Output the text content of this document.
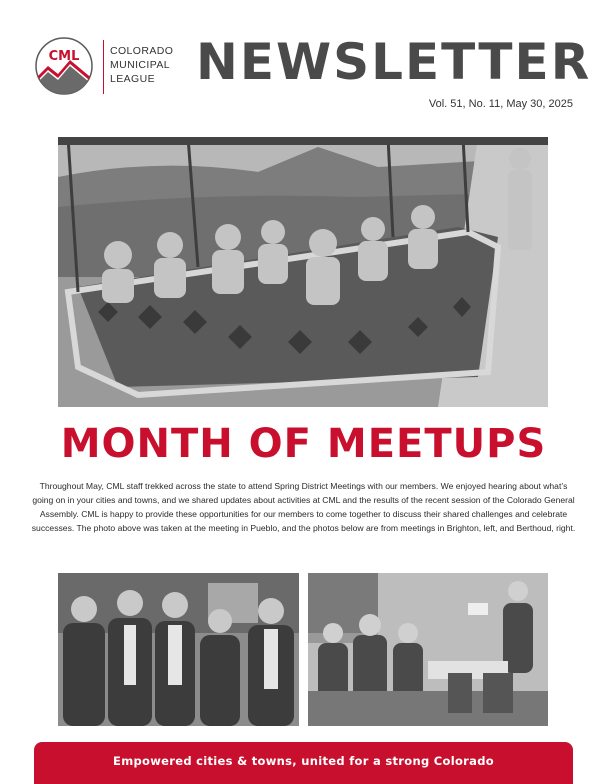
CML	COLORADO
MUNICIPAL
LEAGUE NEWSLETTER
Vol. 51, No. 11, May 30, 2025
MONTH OF MEETUPS
Throughout May, CML staff trekked across the state to attend Spring District Meetings with our members. We enjoyed hearing about what’s going on in your cities and towns, and we shared updates about activities at CML and the results of the recent session of the Colorado General Assembly. CML is happy to provide these opportunities for our members to come together to discuss their shared challenges and celebrate successes. The photo above was taken at the meeting in Pueblo, and the photos below are from meetings in Brighton, left, and Berthoud, right.
Empowered cities & towns, united for a strong Colorado
